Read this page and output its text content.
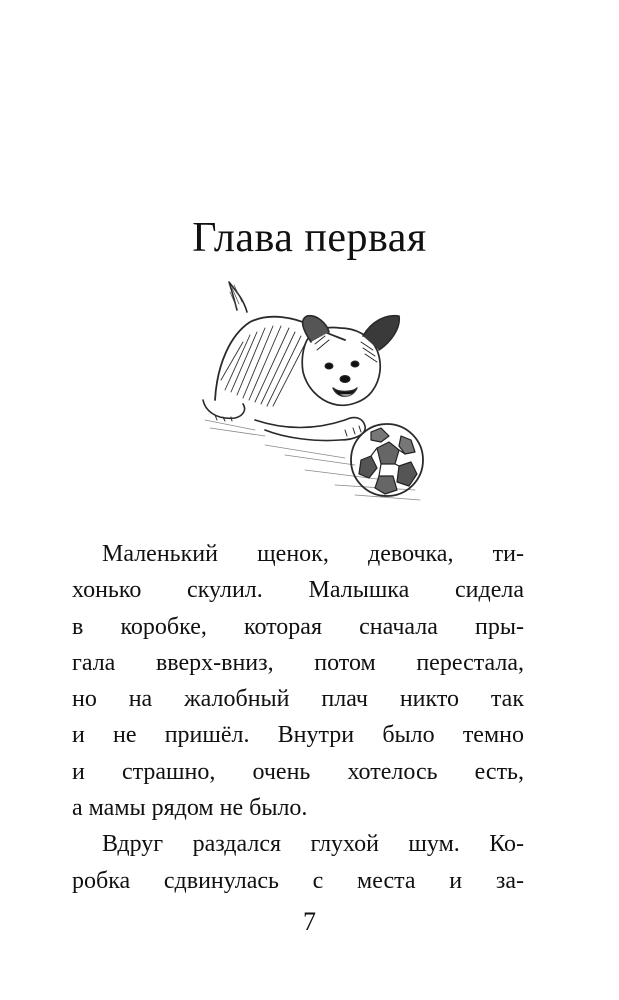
Глава первая
Маленький щенок, девочка, ти-
хонько скулил. Малышка сидела
в коробке, которая сначала пры-
гала вверх-вниз, потом перестала,
но на жалобный плач никто так
и не пришёл. Внутри было темно
и страшно, очень хотелось есть,
а мамы рядом не было.
Вдруг раздался глухой шум. Ко-
робка сдвинулась с места и за-
7
